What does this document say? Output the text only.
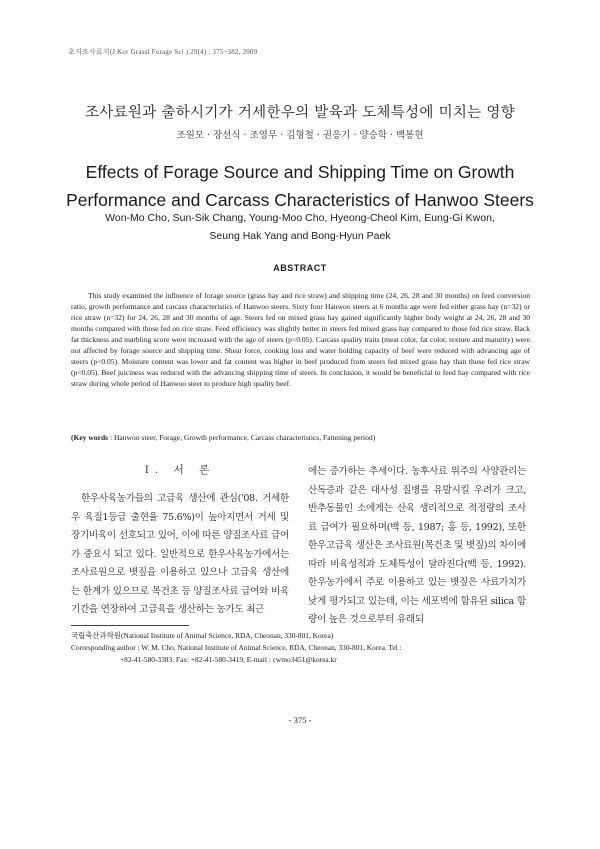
초지조사료지(J Kor Grassl Forage Sci ) 29(4) : 375~382, 2009
조사료원과 출하시기가 거세한우의 발육과 도체특성에 미치는 영향
조원모 · 장선식 · 조영무 · 김형철 · 권응기 · 양승학 · 백봉현
Effects of Forage Source and Shipping Time on Growth
Performance and Carcass Characteristics of Hanwoo Steers
Won-Mo Cho, Sun-Sik Chang, Young-Moo Cho, Hyeong-Cheol Kim, Eung-Gi Kwon,
Seung Hak Yang and Bong-Hyun Paek
ABSTRACT
This study examined the influence of forage source (grass hay and rice straw) and shipping time (24, 26, 28 and 30 months) on feed conversion ratio, growth performance and carcass characteristics of Hanwoo steers. Sixty four Hanwoo steers at 6 months age were fed either grass hay (n=32) or rice straw (n=32) for 24, 26, 28 and 30 months of age. Steers fed on mixed grass hay gained significantly higher body weight at 24, 26, 28 and 30 months compared with those fed on rice straw. Feed efficiency was slightly better in steers fed mixed grass hay compared to those fed rice straw. Back fat thickness and marbling score were increased with the age of steers (p<0.05). Carcass quality traits (meat color, fat color, texture and maturity) were not affected by forage source and shipping time. Shear force, cooking loss and water holding capacity of beef were reduced with advancing age of steers (p<0.05). Moisture content was lower and fat content was higher in beef produced from steers fed mixed grass hay than those fed rice straw (p<0.05). Beef juiciness was reduced with the advancing shipping time of steers. In conclusion, it would be beneficial to feed hay compared with rice straw during whole period of Hanwoo steer to produce high quality beef.
(Key words : Hanwoo steer, Forage, Growth performance, Carcass characteristics, Fattening period)
Ⅰ. 서 론

한우사육농가들의 고급육 생산에 관심('08. 거세한우 육질1등급 출현율 75.6%)이 높아지면서 거세 및 장기비육이 선호되고 있어, 이에 따른 양질조사료 급여가 중요시 되고 있다. 일반적으로 한우사육농가에서는 조사료원으로 볏짚을 이용하고 있으나 고급육 생산에는 한계가 있으므로 목건초 등 양질조사료 급여와 비육기간을 연장하여 고급육을 생산하는 농가도 최근

에는 증가하는 추세이다. 농후사료 위주의 사양관리는 산독증과 같은 대사성 질병을 유발시킬 우려가 크고, 반추동물인 소에게는 산육 생리적으로 적정량의 조사료 급여가 필요하며(백 등, 1987; 홍 등, 1992), 또한 한우고급육 생산은 조사료원(목건초 및 볏짚)의 차이에 따라 비육성적과 도체특성이 달라진다(백 등, 1992). 한우농가에서 주로 이용하고 있는 볏짚은 사료가치가 낮게 평가되고 있는데, 이는 세포벽에 함유된 silica 함량이 높은 것으로부터 유래되

국립축산과학원(National Institute of Animal Science, RDA, Cheonan, 330-801, Korea)
Corresponding author : W. M. Cho, National Institute of Animal Science, RDA, Cheonan, 330-801, Korea. Tel :
+82-41-580-3383. Fax: +82-41-580-3419, E-mail : cwmo3451@korea.kr
- 375 -
